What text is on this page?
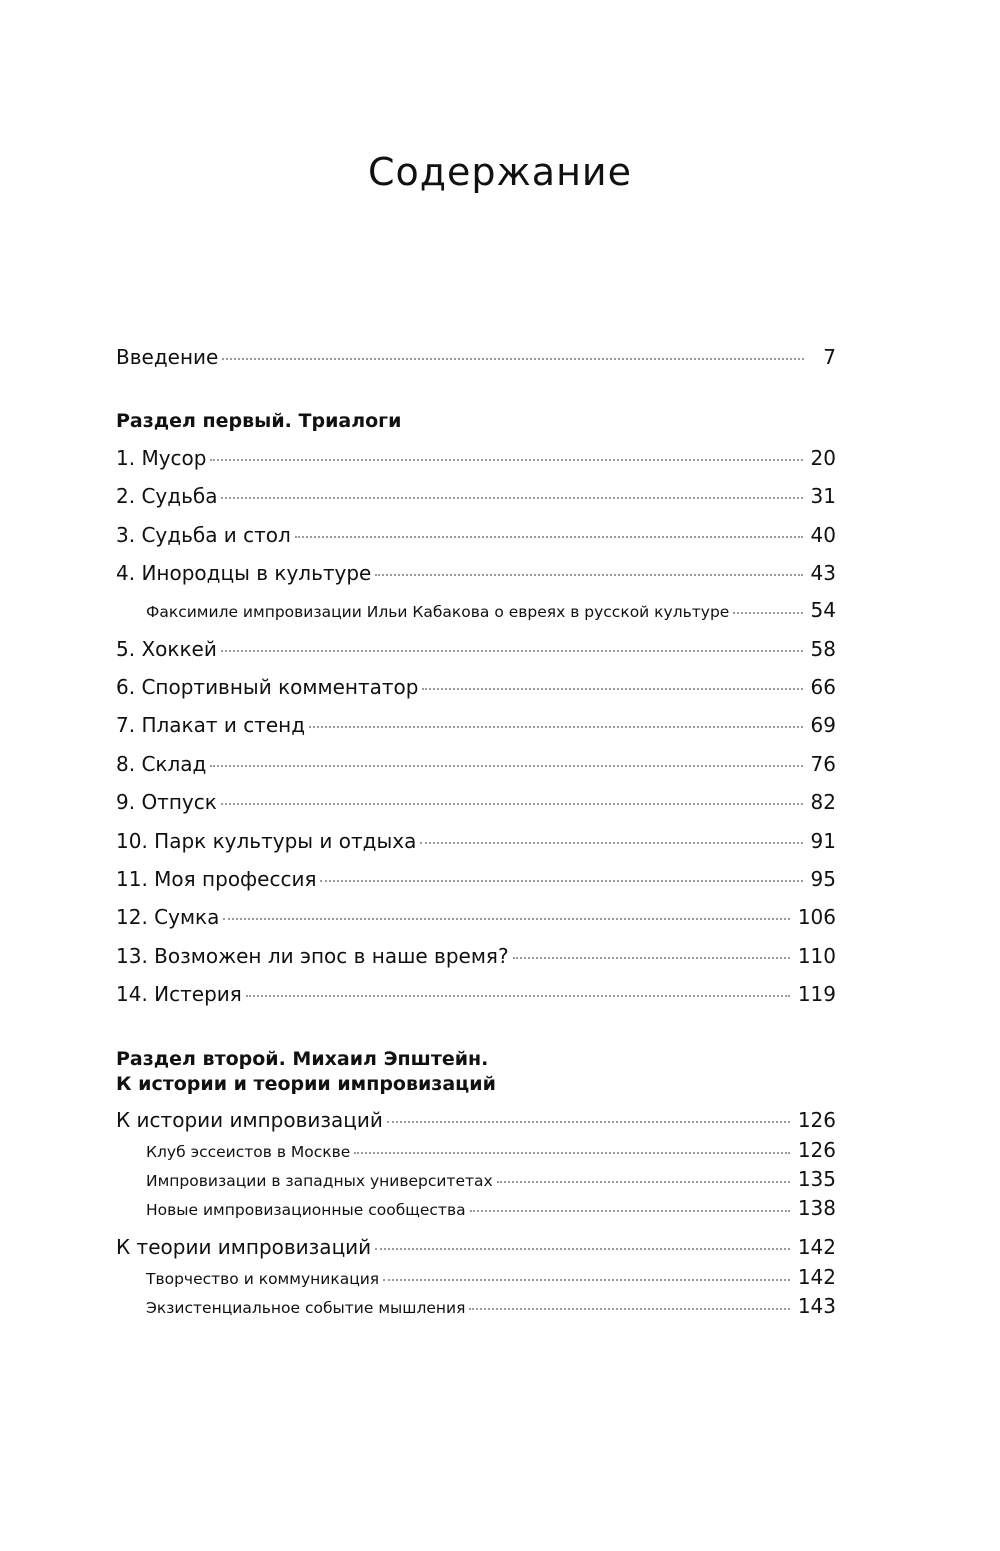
Содержание
Введение	7
Раздел первый. Триалоги
1. Мусор	20
2. Судьба	31
3. Судьба и стол	40
4. Инородцы в культуре	43
Факсимиле импровизации Ильи Кабакова о евреях в русской культуре	54
5. Хоккей	58
6. Спортивный комментатор	66
7. Плакат и стенд	69
8. Склад	76
9. Отпуск	82
10. Парк культуры и отдыха	91
11. Моя профессия	95
12. Сумка	106
13. Возможен ли эпос в наше время?	110
14. Истерия	119
Раздел второй. Михаил Эпштейн.
К истории и теории импровизаций
К истории импровизаций	126
Клуб эссеистов в Москве	126
Импровизации в западных университетах	135
Новые импровизационные сообщества	138
К теории импровизаций	142
Творчество и коммуникация	142
Экзистенциальное событие мышления	143
